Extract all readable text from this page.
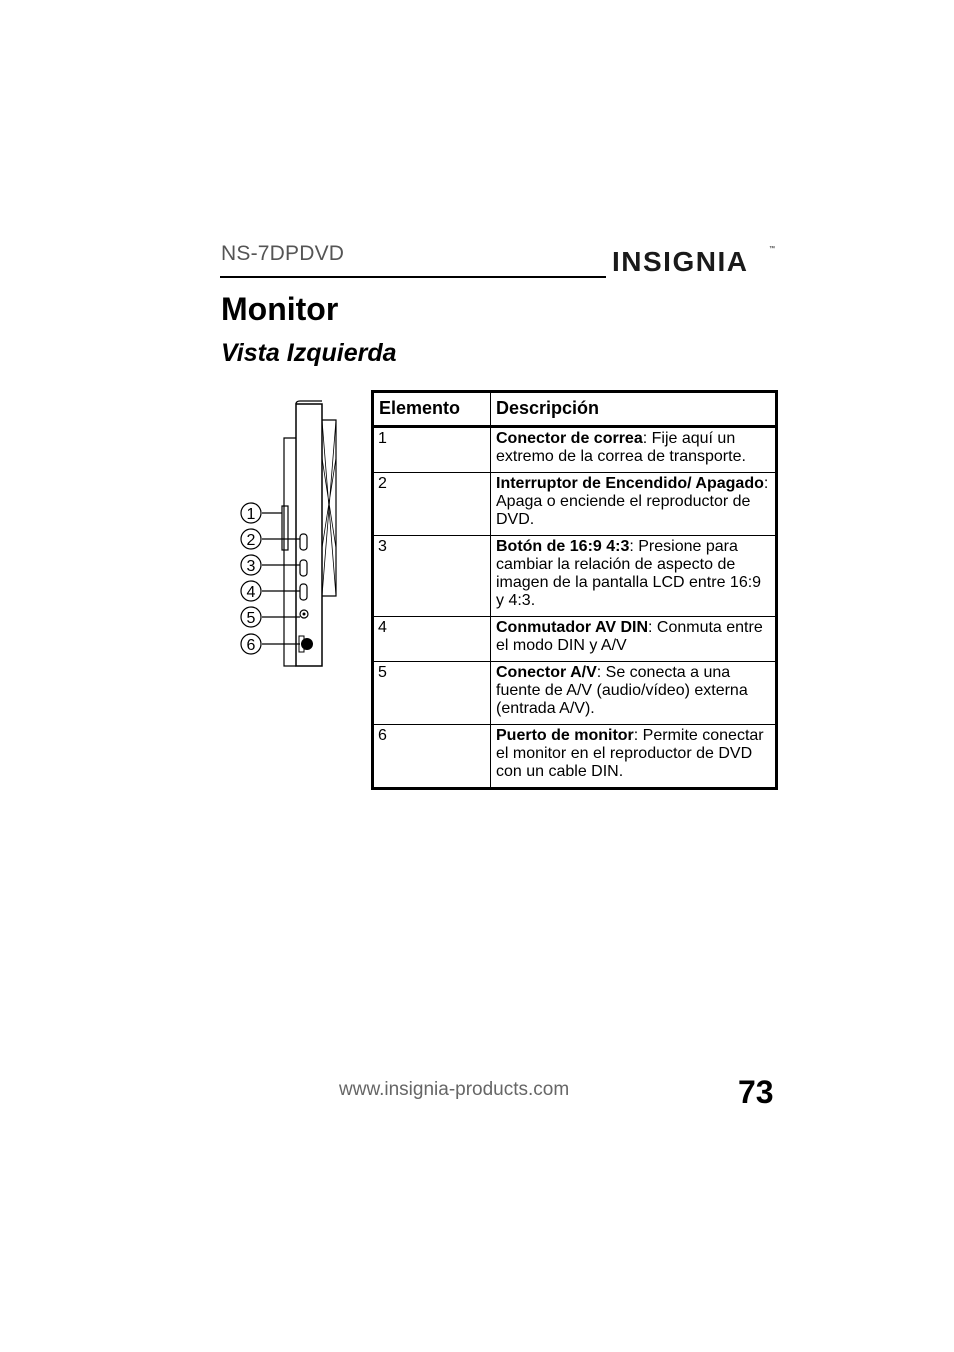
NS-7DPDVD	INSIGNIA	™
Monitor
Vista Izquierda
1
2
3
4
5
6
Elemento	Descripción
1	Conector de correa: Fije aquí un extremo de la correa de transporte.
2	Interruptor de Encendido/ Apagado: Apaga o enciende el reproductor de DVD.
3	Botón de 16:9 4:3: Presione para cambiar la relación de aspecto de imagen de la pantalla LCD entre 16:9 y 4:3.
4	Conmutador AV DIN: Conmuta entre el modo DIN y A/V
5	Conector A/V: Se conecta a una fuente de A/V (audio/vídeo) externa (entrada A/V).
6	Puerto de monitor: Permite conectar el monitor en el reproductor de DVD con un cable DIN.
www.insignia-products.com	73
